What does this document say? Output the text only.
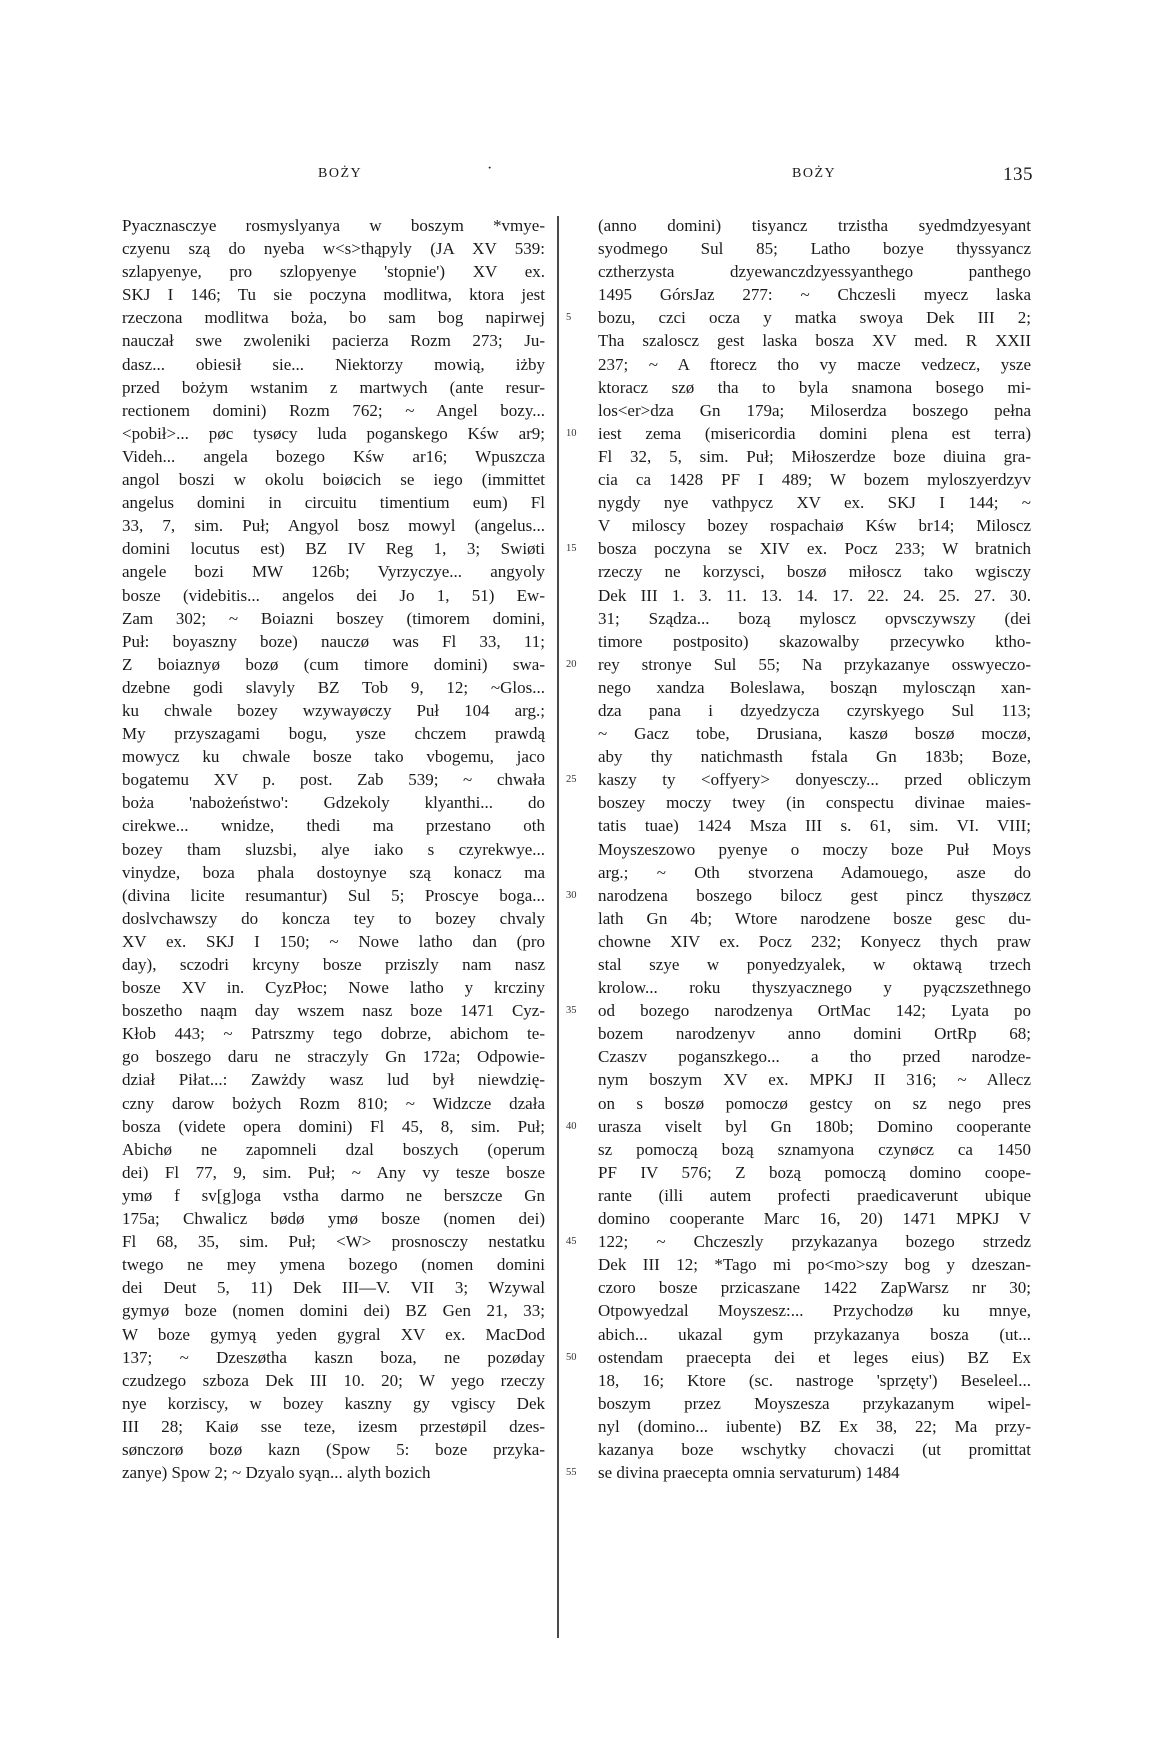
BOŻY	·	BOŻY	135
Pyacznasczye rosmyslyanya w boszym *vmye-
czyenu szą do nyeba w<s>thąpyly (JA XV 539:
szlapyenye, pro szlopyenye 'stopnie') XV ex.
SKJ I 146; Tu sie poczyna modlitwa, ktora jest
rzeczona modlitwa boża, bo sam bog napirwej
nauczał swe zwoleniki pacierza Rozm 273; Ju-
dasz... obiesił sie... Niektorzy mowią, iżby
przed bożym wstanim z martwych (ante resur-
rectionem domini) Rozm 762; ~ Angel bozy...
<pobił>... pøc tysøcy luda poganskego Kśw ar9;
Videh... angela bozego Kśw ar16; Wpuszcza
angol boszi w okolu boiøcich se iego (immittet
angelus domini in circuitu timentium eum) Fl
33, 7, sim. Puł; Angyol bosz mowyl (angelus...
domini locutus est) BZ IV Reg 1, 3; Swiøti
angele bozi MW 126b; Vyrzyczye... angyoly
bosze (videbitis... angelos dei Jo 1, 51) Ew-
Zam 302; ~ Boiazni boszey (timorem domini,
Puł: boyaszny boze) nauczø was Fl 33, 11;
Z boiaznyø bozø (cum timore domini) swa-
dzebne godi slavyly BZ Tob 9, 12; ~Glos...
ku chwale bozey wzywayøczy Puł 104 arg.;
My przyszagami bogu, ysze chczem prawdą
mowycz ku chwale bosze tako vbogemu, jaco
bogatemu XV p. post. Zab 539; ~ chwała
boża 'nabożeństwo': Gdzekoly klyanthi... do
cirekwe... wnidze, thedi ma przestano oth
bozey tham sluzsbi, alye iako s czyrekwye...
vinydze, boza phala dostoynye szą konacz ma
(divina licite resumantur) Sul 5; Proscye boga...
doslvchawszy do koncza tey to bozey chvaly
XV ex. SKJ I 150; ~ Nowe latho dan (pro
day), sczodri krcyny bosze prziszly nam nasz
bosze XV in. CyzPłoc; Nowe latho y krcziny
boszetho naąm day wszem nasz boze 1471 Cyz-
Kłob 443; ~ Patrszmy tego dobrze, abichom te-
go boszego daru ne straczyly Gn 172a; Odpowie-
dział Piłat...: Zawżdy wasz lud był niewdzię-
czny darow bożych Rozm 810; ~ Widzcze dzała
bosza (videte opera domini) Fl 45, 8, sim. Puł;
Abichø ne zapomneli dzal boszych (operum
dei) Fl 77, 9, sim. Puł; ~ Any vy tesze bosze
ymø f sv[g]oga vstha darmo ne berszcze Gn
175a; Chwalicz bødø ymø bosze (nomen dei)
Fl 68, 35, sim. Puł; <W> prosnosczy nestatku
twego ne mey ymena bozego (nomen domini
dei Deut 5, 11) Dek III—V. VII 3; Wzywal
gymyø boze (nomen domini dei) BZ Gen 21, 33;
W boze gymyą yeden gygral XV ex. MacDod
137; ~ Dzeszøtha kaszn boza, ne pozøday
czudzego szboza Dek III 10. 20; W yego rzeczy
nye korziscy, w bozey kaszny gy vgiscy Dek
III 28; Kaiø sse teze, izesm przestøpil dzes-
sønczorø bozø kazn (Spow 5: boze przyka-
zanye) Spow 2; ~ Dzyalo syąn... alyth bozich
5
10
15
20
25
30
35
40
45
50
55
(anno domini) tisyancz trzistha syedmdzyesyant
syodmego Sul 85; Latho bozye thyssyancz
cztherzysta dzyewanczdzyessyanthego panthego
1495 GórsJaz 277: ~ Chczesli myecz laska
bozu, czci ocza y matka swoya Dek III 2;
Tha szaloscz gest laska bosza XV med. R XXII
237; ~ A ftorecz tho vy macze vedzecz, ysze
ktoracz szø tha to byla snamona bosego mi-
los<er>dza Gn 179a; Miloserdza boszego pełna
iest zema (misericordia domini plena est terra)
Fl 32, 5, sim. Puł; Miłoszerdze boze diuina gra-
cia ca 1428 PF I 489; W bozem myloszyerdzyv
nygdy nye vathpycz XV ex. SKJ I 144; ~
V miloscy bozey rospachaiø Kśw br14; Miloscz
bosza poczyna se XIV ex. Pocz 233; W bratnich
rzeczy ne korzysci, boszø miłoscz tako wgisczy
Dek III 1. 3. 11. 13. 14. 17. 22. 24. 25. 27. 30.
31; Sządza... bozą myloscz opvsczywszy (dei
timore postposito) skazowalby przecywko ktho-
rey stronye Sul 55; Na przykazanye osswyeczo-
nego xandza Boleslawa, bosząn myloscząn xan-
dza pana i dzyedzycza czyrskyego Sul 113;
~ Gacz tobe, Drusiana, kaszø boszø moczø,
aby thy natichmasth fstala Gn 183b; Boze,
kaszy ty <offyery> donyesczy... przed obliczym
boszey moczy twey (in conspectu divinae maies-
tatis tuae) 1424 Msza III s. 61, sim. VI. VIII;
Moyszeszowo pyenye o moczy boze Puł Moys
arg.; ~ Oth stvorzena Adamouego, asze do
narodzena boszego bilocz gest pincz thyszøcz
lath Gn 4b; Wtore narodzene bosze gesc du-
chowne XIV ex. Pocz 232; Konyecz thych praw
stal szye w ponyedzyalek, w oktawą trzech
krolow... roku thyszyacznego y pyączszethnego
od bozego narodzenya OrtMac 142; Lyata po
bozem narodzenyv anno domini OrtRp 68;
Czaszv poganszkego... a tho przed narodze-
nym boszym XV ex. MPKJ II 316; ~ Allecz
on s boszø pomoczø gestcy on sz nego pres
urasza viselt byl Gn 180b; Domino cooperante
sz pomoczą bozą sznamyona czynøcz ca 1450
PF IV 576; Z bozą pomoczą domino coope-
rante (illi autem profecti praedicaverunt ubique
domino cooperante Marc 16, 20) 1471 MPKJ V
122; ~ Chczeszly przykazanya bozego strzedz
Dek III 12; *Tago mi po<mo>szy bog y dzeszan-
czoro bosze przicaszane 1422 ZapWarsz nr 30;
Otpowyedzal Moyszesz:... Przychodzø ku mnye,
abich... ukazal gym przykazanya bosza (ut...
ostendam praecepta dei et leges eius) BZ Ex
18, 16; Ktore (sc. nastroge 'sprzęty') Beseleel...
boszym przez Moyszesza przykazanym wipel-
nyl (domino... iubente) BZ Ex 38, 22; Ma przy-
kazanya boze wschytky chovaczi (ut promittat
se divina praecepta omnia servaturum) 1484
